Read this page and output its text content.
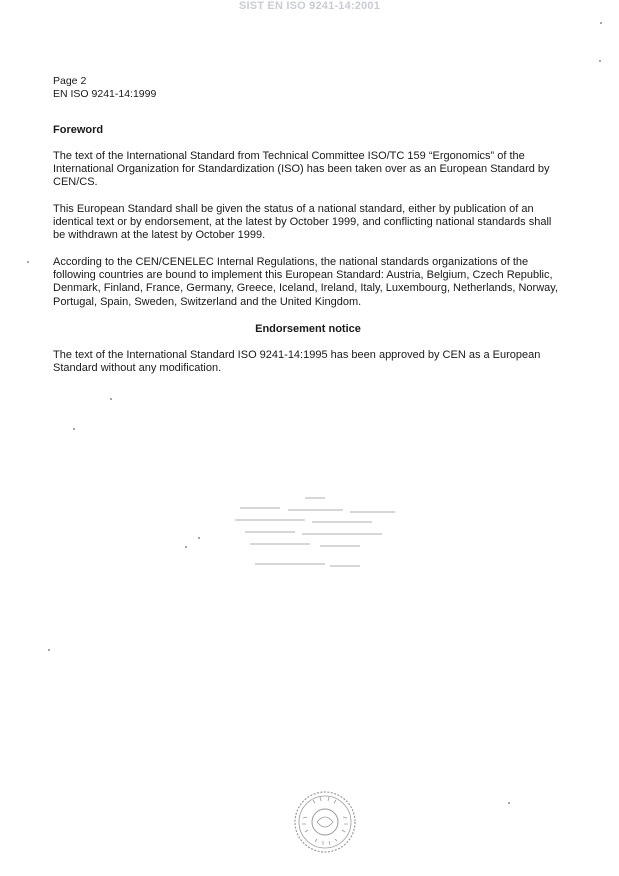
SIST EN ISO 9241-14:2001
Page 2
EN ISO 9241-14:1999
Foreword
The text of the International Standard from Technical Committee ISO/TC 159 “Ergonomics” of the International Organization for Standardization (ISO) has been taken over as an European Standard by CEN/CS.
This European Standard shall be given the status of a national standard, either by publication of an identical text or by endorsement, at the latest by October 1999, and conflicting national standards shall be withdrawn at the latest by October 1999.
According to the CEN/CENELEC Internal Regulations, the national standards organizations of the following countries are bound to implement this European Standard: Austria, Belgium, Czech Republic, Denmark, Finland, France, Germany, Greece, Iceland, Ireland, Italy, Luxembourg, Netherlands, Norway, Portugal, Spain, Sweden, Switzerland and the United Kingdom.
Endorsement notice
The text of the International Standard ISO 9241-14:1995 has been approved by CEN as a European Standard without any modification.
